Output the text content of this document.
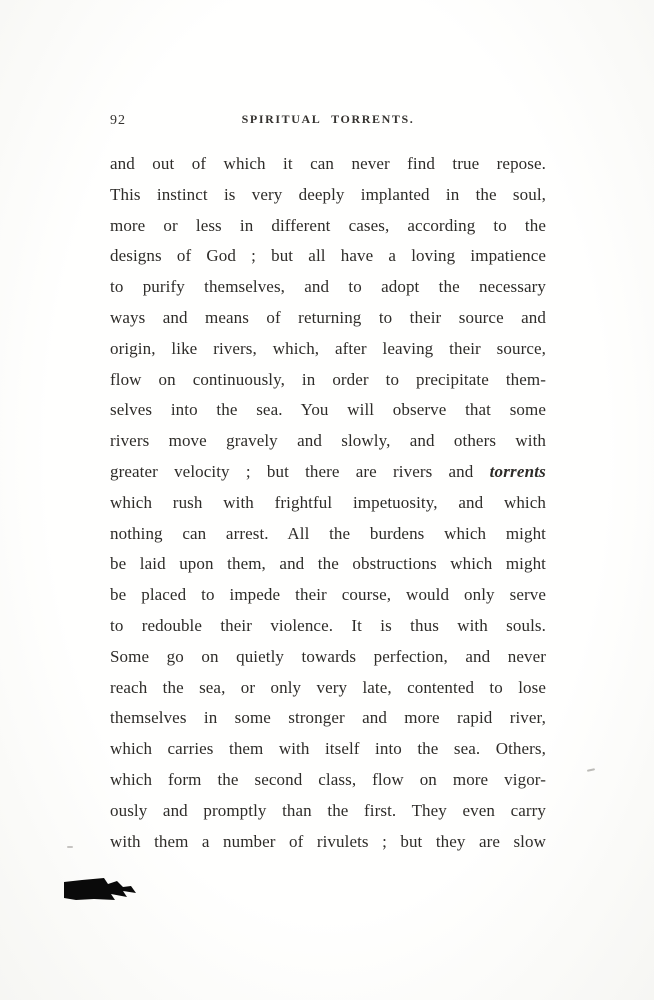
92	SPIRITUAL TORRENTS.
and out of which it can never find true repose.
This instinct is very deeply implanted in the soul,
more or less in different cases, according to the
designs of God ; but all have a loving impatience
to purify themselves, and to adopt the necessary
ways and means of returning to their source and
origin, like rivers, which, after leaving their source,
flow on continuously, in order to precipitate them-
selves into the sea. You will observe that some
rivers move gravely and slowly, and others with
greater velocity ; but there are rivers and torrents
which rush with frightful impetuosity, and which
nothing can arrest. All the burdens which might
be laid upon them, and the obstructions which might
be placed to impede their course, would only serve
to redouble their violence. It is thus with souls.
Some go on quietly towards perfection, and never
reach the sea, or only very late, contented to lose
themselves in some stronger and more rapid river,
which carries them with itself into the sea. Others,
which form the second class, flow on more vigor-
ously and promptly than the first. They even carry
with them a number of rivulets ; but they are slow
